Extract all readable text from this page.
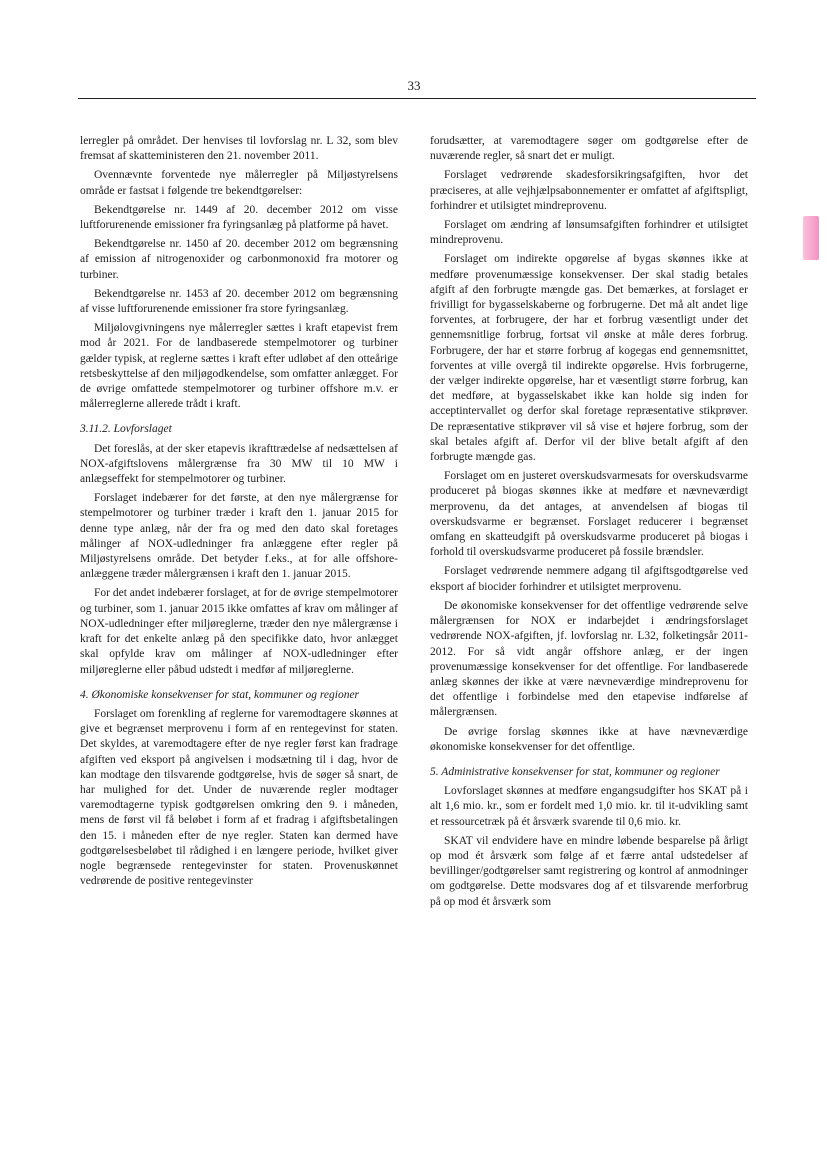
33

lerregler på området. Der henvises til lovforslag nr. L 32, som blev fremsat af skatteministeren den 21. november 2011.

Ovennævnte forventede nye målerregler på Miljøstyrelsens område er fastsat i følgende tre bekendtgørelser:

Bekendtgørelse nr. 1449 af 20. december 2012 om visse luftforurenende emissioner fra fyringsanlæg på platforme på havet.

Bekendtgørelse nr. 1450 af 20. december 2012 om begrænsning af emission af nitrogenoxider og carbonmonoxid fra motorer og turbiner.

Bekendtgørelse nr. 1453 af 20. december 2012 om begrænsning af visse luftforurenende emissioner fra store fyringsanlæg.

Miljølovgivningens nye målerregler sættes i kraft etapevist frem mod år 2021. For de landbaserede stempelmotorer og turbiner gælder typisk, at reglerne sættes i kraft efter udløbet af den otteårige retsbeskyttelse af den miljøgodkendelse, som omfatter anlægget. For de øvrige omfattede stempelmotorer og turbiner offshore m.v. er målerreglerne allerede trådt i kraft.

3.11.2. Lovforslaget

Det foreslås, at der sker etapevis ikrafttrædelse af nedsættelsen af NOX-afgiftslovens målergrænse fra 30 MW til 10 MW i anlægseffekt for stempelmotorer og turbiner.

Forslaget indebærer for det første, at den nye målergrænse for stempelmotorer og turbiner træder i kraft den 1. januar 2015 for denne type anlæg, når der fra og med den dato skal foretages målinger af NOX-udledninger fra anlæggene efter regler på Miljøstyrelsens område. Det betyder f.eks., at for alle offshore-anlæggene træder målergrænsen i kraft den 1. januar 2015.

For det andet indebærer forslaget, at for de øvrige stempelmotorer og turbiner, som 1. januar 2015 ikke omfattes af krav om målinger af NOX-udledninger efter miljøreglerne, træder den nye målergrænse i kraft for det enkelte anlæg på den specifikke dato, hvor anlægget skal opfylde krav om målinger af NOX-udledninger efter miljøreglerne eller påbud udstedt i medfør af miljøreglerne.

4. Økonomiske konsekvenser for stat, kommuner og regioner

Forslaget om forenkling af reglerne for varemodtagere skønnes at give et begrænset merprovenu i form af en rentegevinst for staten. Det skyldes, at varemodtagere efter de nye regler først kan fradrage afgiften ved eksport på angivelsen i modsætning til i dag, hvor de kan modtage den tilsvarende godtgørelse, hvis de søger så snart, de har mulighed for det. Under de nuværende regler modtager varemodtagerne typisk godtgørelsen omkring den 9. i måneden, mens de først vil få beløbet i form af et fradrag i afgiftsbetalingen den 15. i måneden efter de nye regler. Staten kan dermed have godtgørelsesbeløbet til rådighed i en længere periode, hvilket giver nogle begrænsede rentegevinster for staten. Provenuskønnet vedrørende de positive rentegevinster

forudsætter, at varemodtagere søger om godtgørelse efter de nuværende regler, så snart det er muligt.

Forslaget vedrørende skadesforsikringsafgiften, hvor det præciseres, at alle vejhjælpsabonnementer er omfattet af afgiftspligt, forhindrer et utilsigtet mindreprovenu.

Forslaget om ændring af lønsumsafgiften forhindrer et utilsigtet mindreprovenu.

Forslaget om indirekte opgørelse af bygas skønnes ikke at medføre provenumæssige konsekvenser. Der skal stadig betales afgift af den forbrugte mængde gas. Det bemærkes, at forslaget er frivilligt for bygasselskaberne og forbrugerne. Det må alt andet lige forventes, at forbrugere, der har et forbrug væsentligt under det gennemsnitlige forbrug, fortsat vil ønske at måle deres forbrug. Forbrugere, der har et større forbrug af kogegas end gennemsnittet, forventes at ville overgå til indirekte opgørelse. Hvis forbrugerne, der vælger indirekte opgørelse, har et væsentligt større forbrug, kan det medføre, at bygasselskabet ikke kan holde sig inden for acceptintervallet og derfor skal foretage repræsentative stikprøver. De repræsentative stikprøver vil så vise et højere forbrug, som der skal betales afgift af. Derfor vil der blive betalt afgift af den forbrugte mængde gas.

Forslaget om en justeret overskudsvarmesats for overskudsvarme produceret på biogas skønnes ikke at medføre et nævneværdigt merprovenu, da det antages, at anvendelsen af biogas til overskudsvarme er begrænset. Forslaget reducerer i begrænset omfang en skatteudgift på overskudsvarme produceret på biogas i forhold til overskudsvarme produceret på fossile brændsler.

Forslaget vedrørende nemmere adgang til afgiftsgodtgørelse ved eksport af biocider forhindrer et utilsigtet merprovenu.

De økonomiske konsekvenser for det offentlige vedrørende selve målergrænsen for NOX er indarbejdet i ændringsforslaget vedrørende NOX-afgiften, jf. lovforslag nr. L32, folketingsår 2011-2012. For så vidt angår offshore anlæg, er der ingen provenumæssige konsekvenser for det offentlige. For landbaserede anlæg skønnes der ikke at være nævneværdige mindreprovenu for det offentlige i forbindelse med den etapevise indførelse af målergrænsen.

De øvrige forslag skønnes ikke at have nævneværdige økonomiske konsekvenser for det offentlige.

5. Administrative konsekvenser for stat, kommuner og regioner

Lovforslaget skønnes at medføre engangsudgifter hos SKAT på i alt 1,6 mio. kr., som er fordelt med 1,0 mio. kr. til it-udvikling samt et ressourcetræk på ét årsværk svarende til 0,6 mio. kr.

SKAT vil endvidere have en mindre løbende besparelse på årligt op mod ét årsværk som følge af et færre antal udstedelser af bevillinger/godtgørelser samt registrering og kontrol af anmodninger om godtgørelse. Dette modsvares dog af et tilsvarende merforbrug på op mod ét årsværk som
